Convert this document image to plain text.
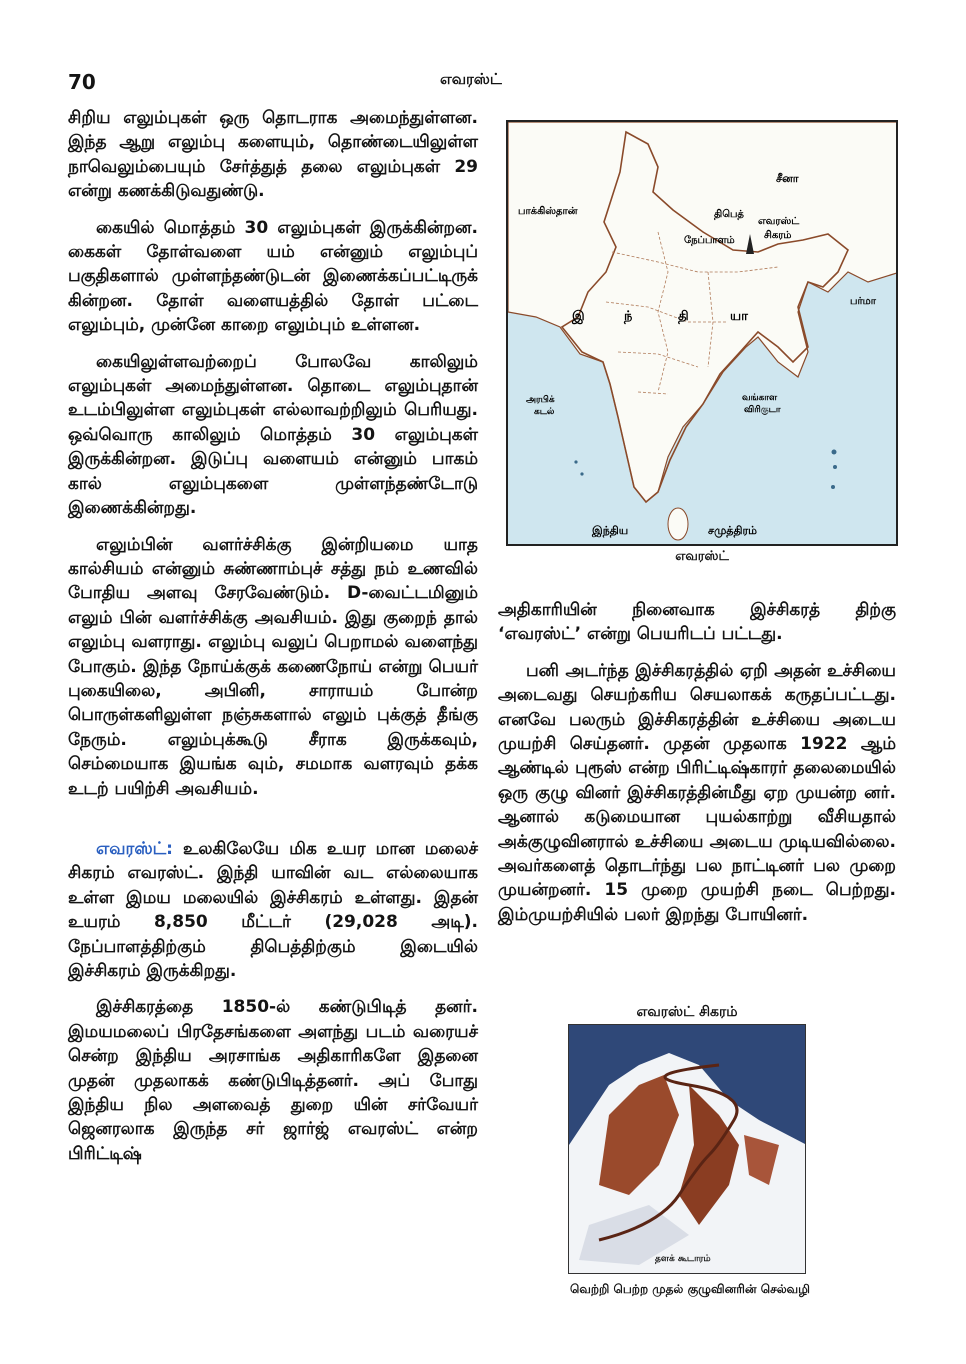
70	எவரஸ்ட்

சிறிய எலும்புகள் ஒரு தொடராக அமைந்துள்ளன. இந்த ஆறு எலும்பு களையும், தொண்டையிலுள்ள நாவெலும்பையும் சேர்த்துத் தலை எலும்புகள் 29 என்று கணக்கிடுவதுண்டு.

கையில் மொத்தம் 30 எலும்புகள் இருக்கின்றன. கைகள் தோள்வளை யம் என்னும் எலும்புப் பகுதிகளால் முள்ளந்தண்டுடன் இணைக்கப்பட்டிருக் கின்றன. தோள் வளையத்தில் தோள் பட்டை எலும்பும், முன்னே காறை எலும்பும் உள்ளன.

கையிலுள்ளவற்றைப் போலவே காலிலும் எலும்புகள் அமைந்துள்ளன. தொடை எலும்புதான் உடம்பிலுள்ள எலும்புகள் எல்லாவற்றிலும் பெரியது. ஒவ்வொரு காலிலும் மொத்தம் 30 எலும்புகள் இருக்கின்றன. இடுப்பு வளையம் என்னும் பாகம் கால் எலும்புகளை முள்ளந்தண்டோடு இணைக்கின்றது.

எலும்பின் வளர்ச்சிக்கு இன்றியமை யாத கால்சியம் என்னும் சுண்ணாம்புச் சத்து நம் உணவில் போதிய அளவு சேரவேண்டும். D-வைட்டமினும் எலும் பின் வளர்ச்சிக்கு அவசியம். இது குறைந் தால் எலும்பு வளராது. எலும்பு வலுப் பெறாமல் வளைந்து போகும். இந்த நோய்க்குக் கணைநோய் என்று பெயர் புகையிலை, அபினி, சாராயம் போன்ற பொருள்களிலுள்ள நஞ்சுகளால் எலும் புக்குத் தீங்கு நேரும். எலும்புக்கூடு சீராக இருக்கவும், செம்மையாக இயங்க வும், சமமாக வளரவும் தக்க உடற் பயிற்சி அவசியம்.

எவரஸ்ட்: உலகிலேயே மிக உயர மான மலைச் சிகரம் எவரஸ்ட். இந்தி யாவின் வட எல்லையாக உள்ள இமய மலையில் இச்சிகரம் உள்ளது. இதன் உயரம் 8,850 மீட்டர் (29,028 அடி). நேப்பாளத்திற்கும் திபெத்திற்கும் இடையில் இச்சிகரம் இருக்கிறது.

இச்சிகரத்தை 1850-ல் கண்டுபிடித் தனர். இமயமலைப் பிரதேசங்களை அளந்து படம் வரையச் சென்ற இந்திய அரசாங்க அதிகாரிகளே இதனை முதன் முதலாகக் கண்டுபிடித்தனர். அப் போது இந்திய நில அளவைத் துறை யின் சர்வேயர் ஜெனரலாக இருந்த சர் ஜார்ஜ் எவரஸ்ட் என்ற பிரிட்டிஷ்

சீனா
பாக்கிஸ்தான்	திபெத்
நேப்பாளம்
எவரஸ்ட்
சிகரம்
இ	ந்	தி	யா
பர்மா
அரபிக்
கடல்
வங்காள
விரிகுடா
இந்திய	சமுத்திரம்
எவரஸ்ட்

அதிகாரியின் நினைவாக இச்சிகரத் திற்கு ‘எவரஸ்ட்’ என்று பெயரிடப் பட்டது.

பனி அடர்ந்த இச்சிகரத்தில் ஏறி அதன் உச்சியை அடைவது செயற்கரிய செயலாகக் கருதப்பட்டது. எனவே பலரும் இச்சிகரத்தின் உச்சியை அடைய முயற்சி செய்தனர். முதன் முதலாக 1922 ஆம் ஆண்டில் புரூஸ் என்ற பிரிட்டிஷ்காரர் தலைமையில் ஒரு குழு வினர் இச்சிகரத்தின்மீது ஏற முயன்ற னர். ஆனால் கடுமையான புயல்காற்று வீசியதால் அக்குழுவினரால் உச்சியை அடைய முடியவில்லை. அவர்களைத் தொடர்ந்து பல நாட்டினர் பல முறை முயன்றனர். 15 முறை முயற்சி நடை பெற்றது. இம்முயற்சியில் பலர் இறந்து போயினர்.

எவரஸ்ட் சிகரம்
தளக் கூடாரம்
வெற்றி பெற்ற முதல் குழுவினரின் செல்வழி
